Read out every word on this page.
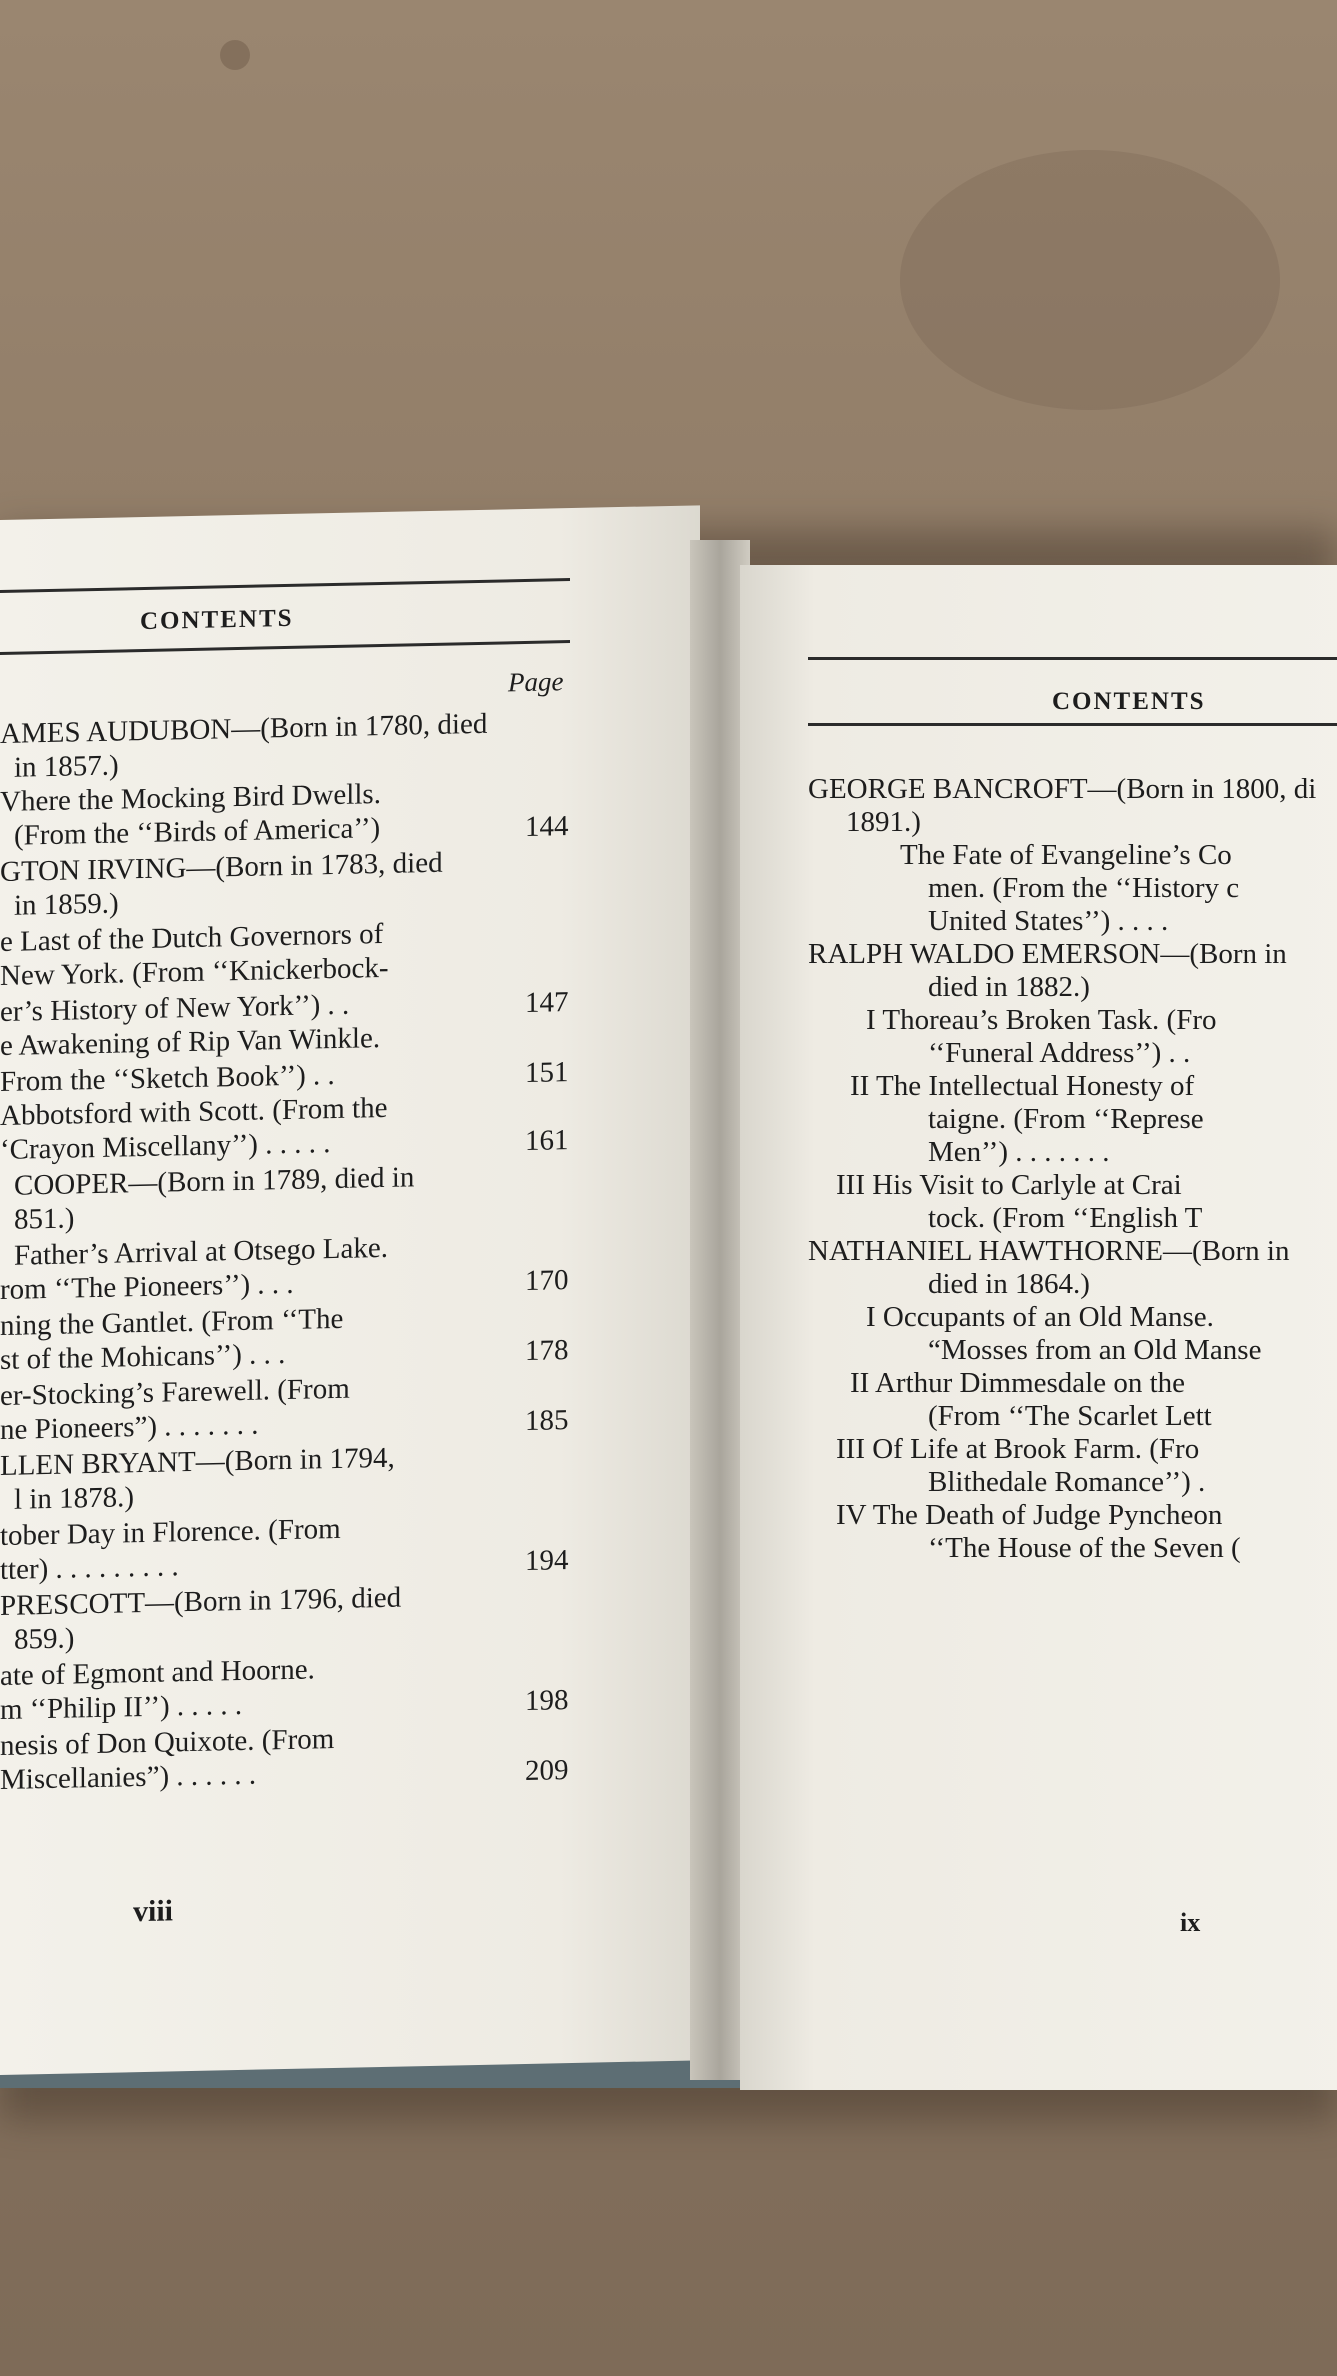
CONTENTS
Page
AMES AUDUBON—(Born in 1780, died
in 1857.)
Vhere the Mocking Bird Dwells.
(From the ‘‘Birds of America’’)	144
GTON IRVING—(Born in 1783, died
in 1859.)
e Last of the Dutch Governors of
New York. (From ‘‘Knickerbock-
er’s History of New York’’) . .	147
e Awakening of Rip Van Winkle.
From the ‘‘Sketch Book’’) . .	151
Abbotsford with Scott. (From the
‘Crayon Miscellany’’) . . . . .	161
COOPER—(Born in 1789, died in
851.)
Father’s Arrival at Otsego Lake.
rom ‘‘The Pioneers’’) . . .	170
ning the Gantlet. (From ‘‘The
st of the Mohicans’’) . . .	178
er-Stocking’s Farewell. (From
ne Pioneers”) . . . . . . .	185
LLEN BRYANT—(Born in 1794,
l in 1878.)
tober Day in Florence. (From
tter) . . . . . . . . .	194
PRESCOTT—(Born in 1796, died
859.)
ate of Egmont and Hoorne.
m ‘‘Philip II’’) . . . . .	198
nesis of Don Quixote. (From
Miscellanies”) . . . . . .	209
viii
CONTENTS
GEORGE BANCROFT—(Born in 1800, di
1891.)
The Fate of Evangeline’s Co
men. (From the ‘‘History c
United States’’) . . . .
RALPH WALDO EMERSON—(Born in
died in 1882.)
I Thoreau’s Broken Task. (Fro
‘‘Funeral Address’’) . .
II The Intellectual Honesty of
taigne. (From ‘‘Represe
Men’’) . . . . . . .
III His Visit to Carlyle at Crai
tock. (From ‘‘English T
NATHANIEL HAWTHORNE—(Born in
died in 1864.)
I Occupants of an Old Manse.
“Mosses from an Old Manse
II Arthur Dimmesdale on the
(From ‘‘The Scarlet Lett
III Of Life at Brook Farm. (Fro
Blithedale Romance’’) .
IV The Death of Judge Pyncheon
‘‘The House of the Seven (
ix
